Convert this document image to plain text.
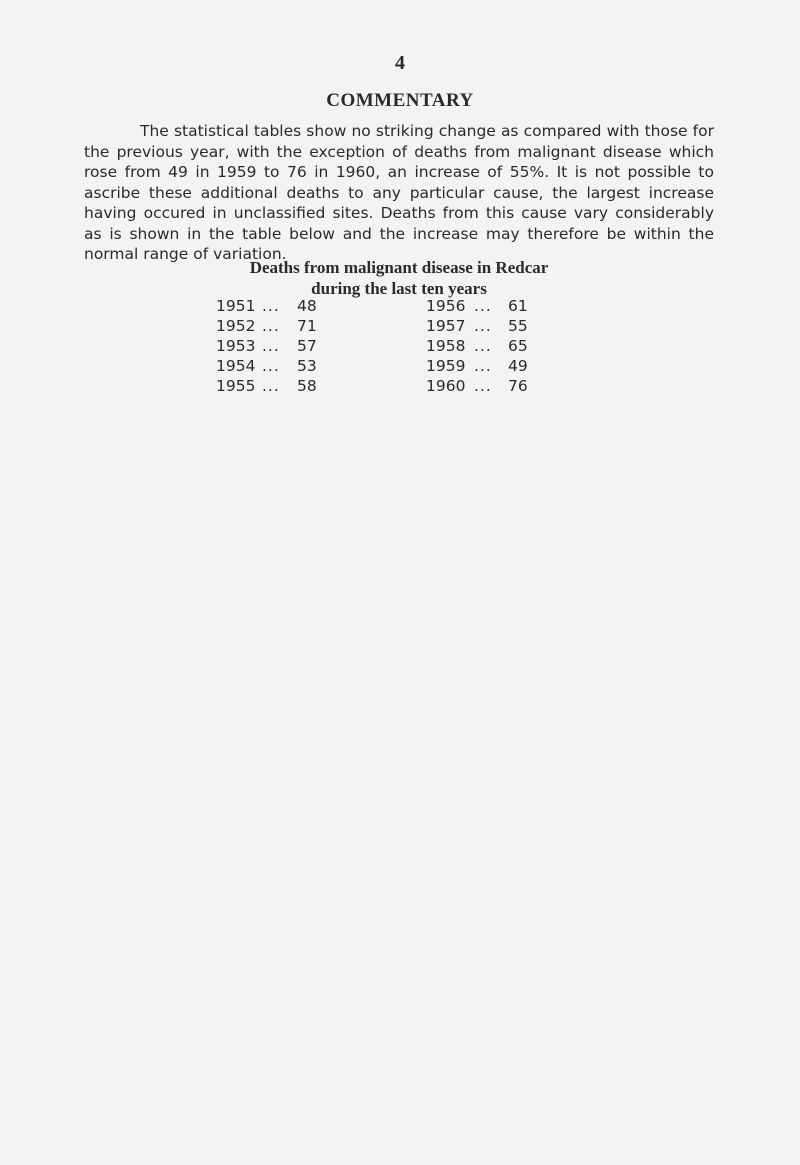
4
COMMENTARY

The statistical tables show no striking change as compared with those for the previous year, with the exception of deaths from malignant disease which rose from 49 in 1959 to 76 in 1960, an increase of 55%. It is not possible to ascribe these additional deaths to any particular cause, the largest increase having occured in unclassified sites. Deaths from this cause vary considerably as is shown in the table below and the increase may therefore be within the normal range of variation.

Deaths from malignant disease in Redcar
during the last ten years
1951 ... 48
1952 ... 71
1953 ... 57
1954 ... 53
1955 ... 58
1956 ... 61
1957 ... 55
1958 ... 65
1959 ... 49
1960 ... 76
